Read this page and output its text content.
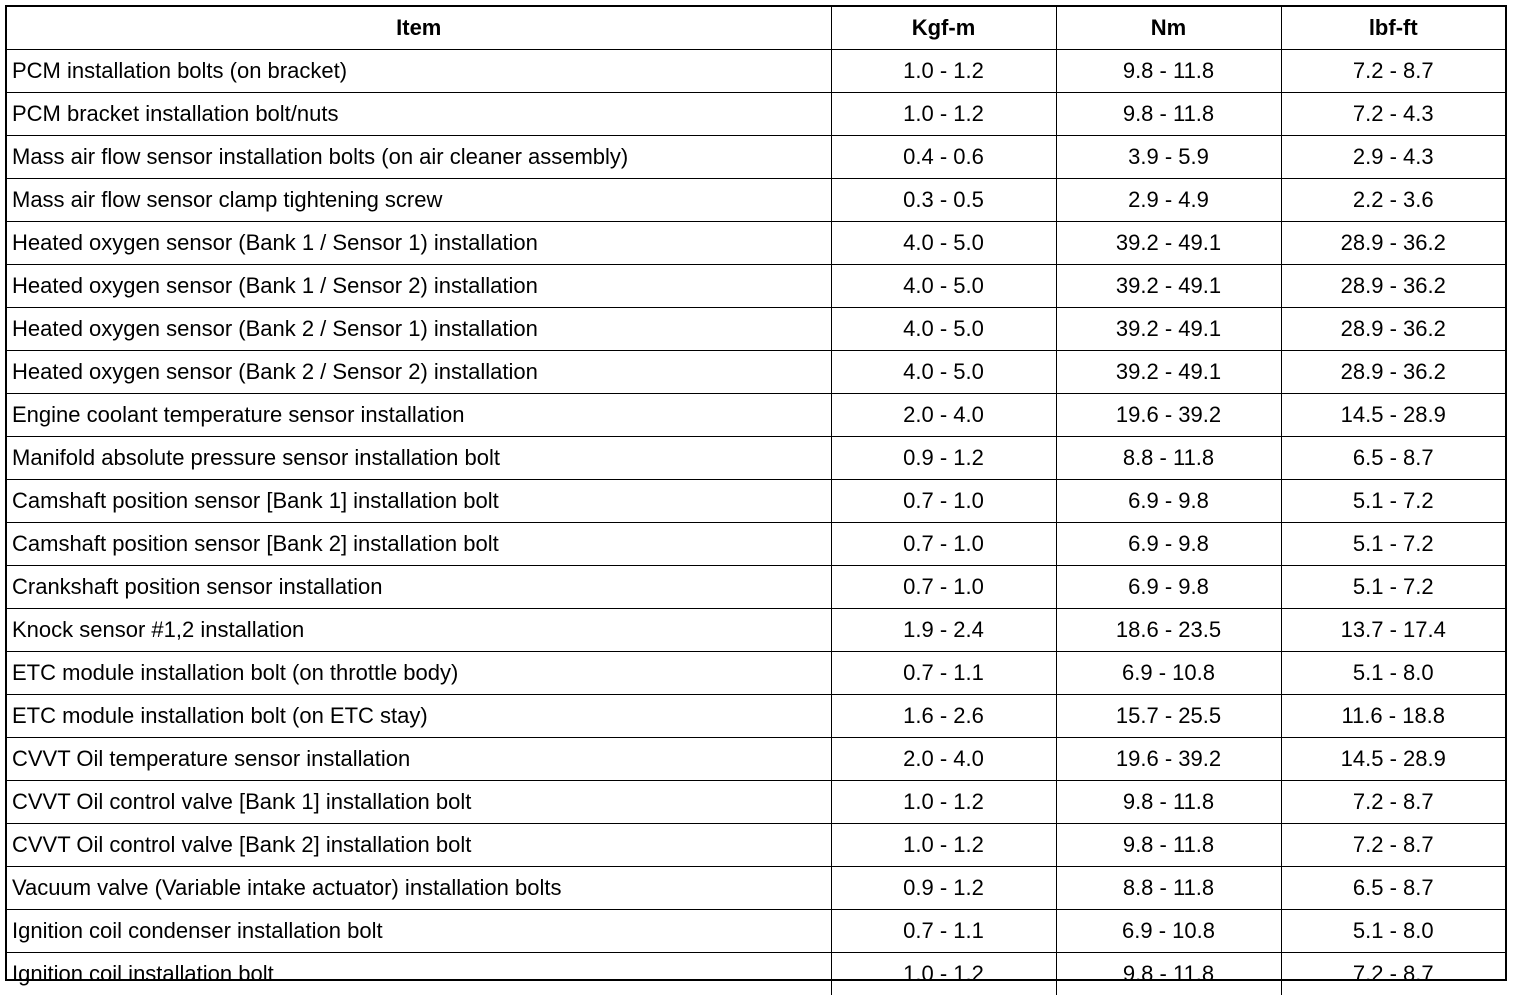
Item	Kgf-m	Nm	lbf-ft
PCM installation bolts (on bracket)	1.0 - 1.2	9.8 - 11.8	7.2 - 8.7
PCM bracket installation bolt/nuts	1.0 - 1.2	9.8 - 11.8	7.2 - 4.3
Mass air flow sensor installation bolts (on air cleaner assembly)	0.4 - 0.6	3.9 - 5.9	2.9 - 4.3
Mass air flow sensor clamp tightening screw	0.3 - 0.5	2.9 - 4.9	2.2 - 3.6
Heated oxygen sensor (Bank 1 / Sensor 1) installation	4.0 - 5.0	39.2 - 49.1	28.9 - 36.2
Heated oxygen sensor (Bank 1 / Sensor 2) installation	4.0 - 5.0	39.2 - 49.1	28.9 - 36.2
Heated oxygen sensor (Bank 2 / Sensor 1) installation	4.0 - 5.0	39.2 - 49.1	28.9 - 36.2
Heated oxygen sensor (Bank 2 / Sensor 2) installation	4.0 - 5.0	39.2 - 49.1	28.9 - 36.2
Engine coolant temperature sensor installation	2.0 - 4.0	19.6 - 39.2	14.5 - 28.9
Manifold absolute pressure sensor installation bolt	0.9 - 1.2	8.8 - 11.8	6.5 - 8.7
Camshaft position sensor [Bank 1] installation bolt	0.7 - 1.0	6.9 - 9.8	5.1 - 7.2
Camshaft position sensor [Bank 2] installation bolt	0.7 - 1.0	6.9 - 9.8	5.1 - 7.2
Crankshaft position sensor installation	0.7 - 1.0	6.9 - 9.8	5.1 - 7.2
Knock sensor #1,2 installation	1.9 - 2.4	18.6 - 23.5	13.7 - 17.4
ETC module installation bolt (on throttle body)	0.7 - 1.1	6.9 - 10.8	5.1 - 8.0
ETC module installation bolt (on ETC stay)	1.6 - 2.6	15.7 - 25.5	11.6 - 18.8
CVVT Oil temperature sensor installation	2.0 - 4.0	19.6 - 39.2	14.5 - 28.9
CVVT Oil control valve [Bank 1] installation bolt	1.0 - 1.2	9.8 - 11.8	7.2 - 8.7
CVVT Oil control valve [Bank 2] installation bolt	1.0 - 1.2	9.8 - 11.8	7.2 - 8.7
Vacuum valve (Variable intake actuator) installation bolts	0.9 - 1.2	8.8 - 11.8	6.5 - 8.7
Ignition coil condenser installation bolt	0.7 - 1.1	6.9 - 10.8	5.1 - 8.0
Ignition coil installation bolt	1.0 - 1.2	9.8 - 11.8	7.2 - 8.7
